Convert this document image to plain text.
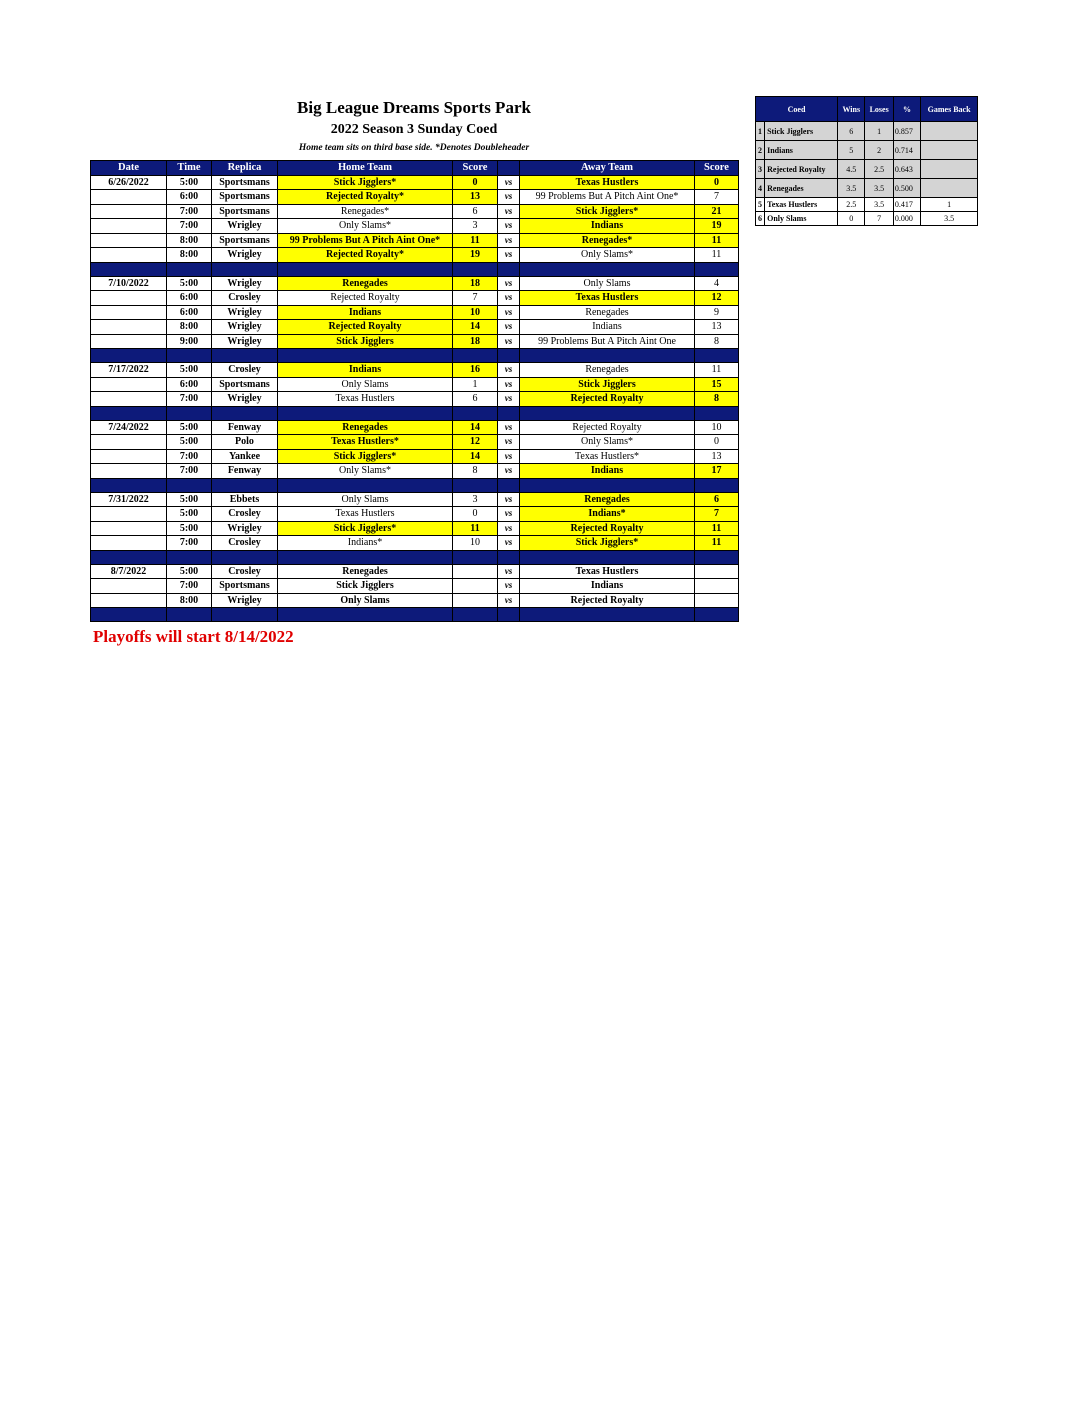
Big League Dreams Sports Park
2022 Season 3 Sunday Coed
Home team sits on third base side. *Denotes Doubleheader
Date	Time	Replica	Home Team	Score		Away Team	Score
6/26/2022	5:00	Sportsmans	Stick Jigglers*	0	vs	Texas Hustlers	0
	6:00	Sportsmans	Rejected Royalty*	13	vs	99 Problems But A Pitch Aint One*	7
	7:00	Sportsmans	Renegades*	6	vs	Stick Jigglers*	21
	7:00	Wrigley	Only Slams*	3	vs	Indians	19
	8:00	Sportsmans	99 Problems But A Pitch Aint One*	11	vs	Renegades*	11
	8:00	Wrigley	Rejected Royalty*	19	vs	Only Slams*	11

7/10/2022	5:00	Wrigley	Renegades	18	vs	Only Slams	4
	6:00	Crosley	Rejected Royalty	7	vs	Texas Hustlers	12
	6:00	Wrigley	Indians	10	vs	Renegades	9
	8:00	Wrigley	Rejected Royalty	14	vs	Indians	13
	9:00	Wrigley	Stick Jigglers	18	vs	99 Problems But A Pitch Aint One	8

7/17/2022	5:00	Crosley	Indians	16	vs	Renegades	11
	6:00	Sportsmans	Only Slams	1	vs	Stick Jigglers	15
	7:00	Wrigley	Texas Hustlers	6	vs	Rejected Royalty	8

7/24/2022	5:00	Fenway	Renegades	14	vs	Rejected Royalty	10
	5:00	Polo	Texas Hustlers*	12	vs	Only Slams*	0
	7:00	Yankee	Stick Jigglers*	14	vs	Texas Hustlers*	13
	7:00	Fenway	Only Slams*	8	vs	Indians	17

7/31/2022	5:00	Ebbets	Only Slams	3	vs	Renegades	6
	5:00	Crosley	Texas Hustlers	0	vs	Indians*	7
	5:00	Wrigley	Stick Jigglers*	11	vs	Rejected Royalty	11
	7:00	Crosley	Indians*	10	vs	Stick Jigglers*	11

8/7/2022	5:00	Crosley	Renegades		vs	Texas Hustlers	
	7:00	Sportsmans	Stick Jigglers		vs	Indians	
	8:00	Wrigley	Only Slams		vs	Rejected Royalty	

Coed		Wins	Loses	%	Games Back
1	Stick Jigglers	6	1	0.857	
2	Indians	5	2	0.714	
3	Rejected Royalty	4.5	2.5	0.643	
4	Renegades	3.5	3.5	0.500	
5	Texas Hustlers	2.5	3.5	0.417	1
6	Only Slams	0	7	0.000	3.5
Playoffs will start 8/14/2022
